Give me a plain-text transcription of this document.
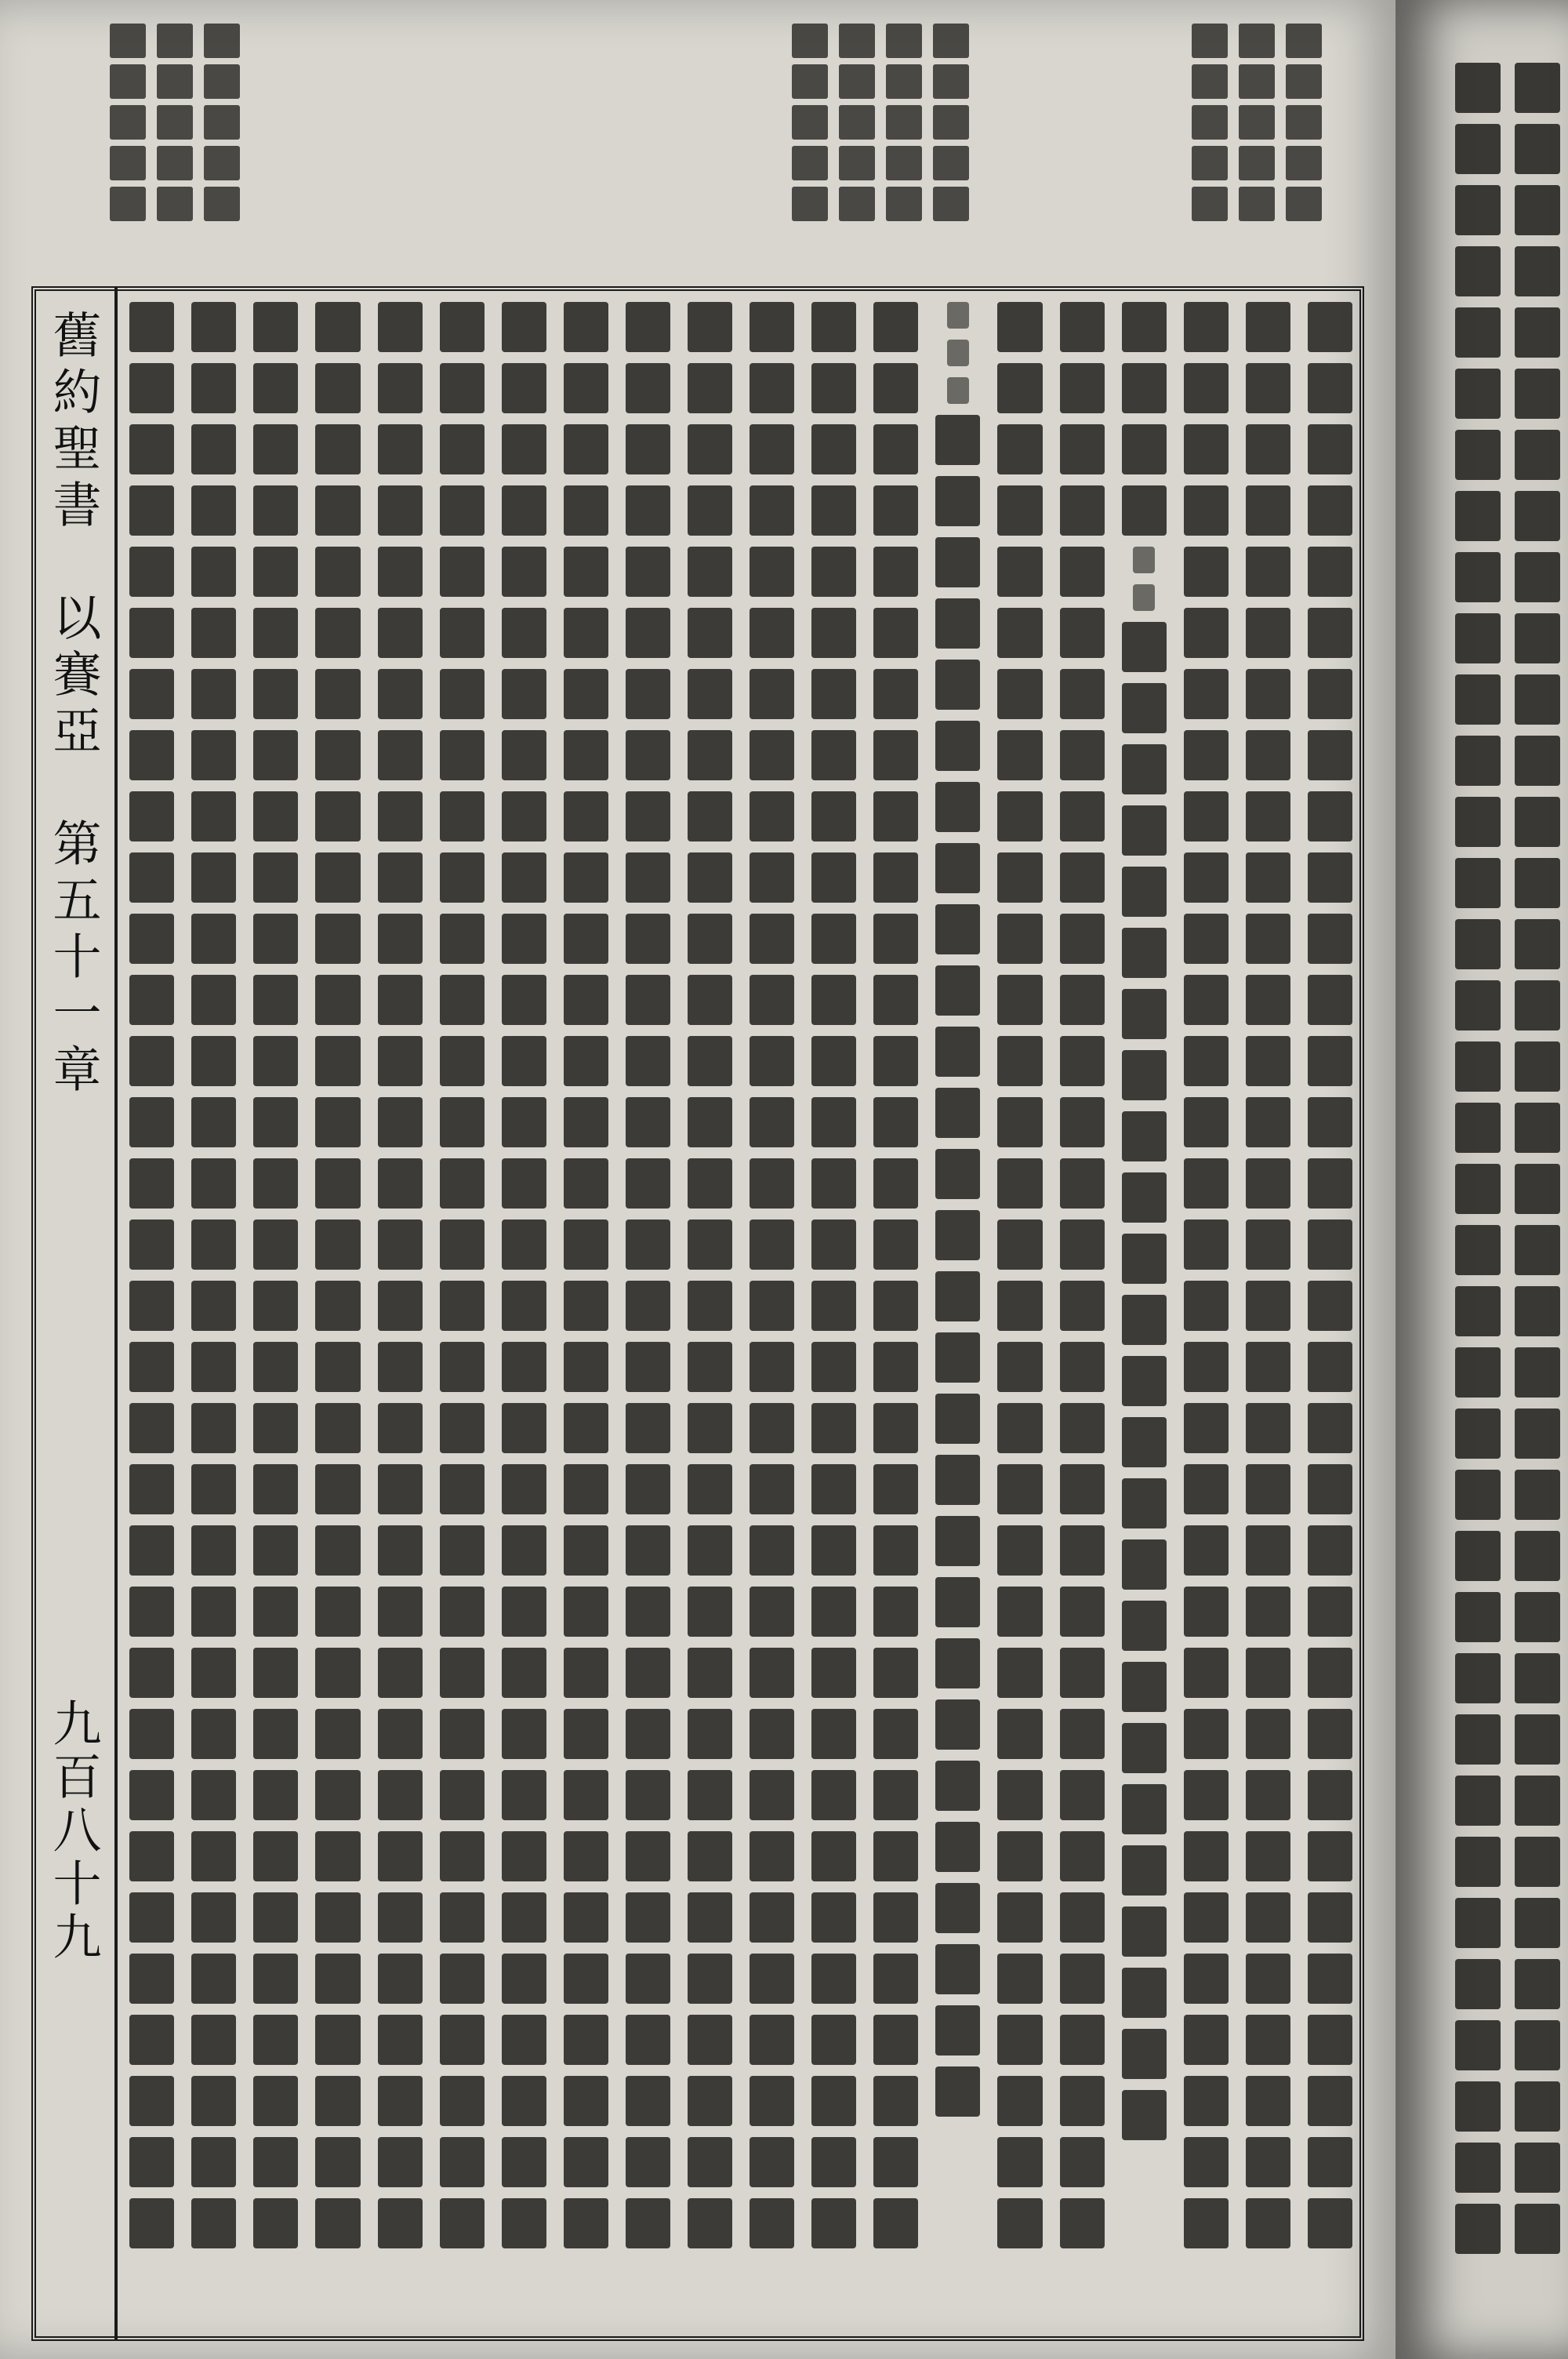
舊約聖書　以賽亞　第五十一章
九百八十九
